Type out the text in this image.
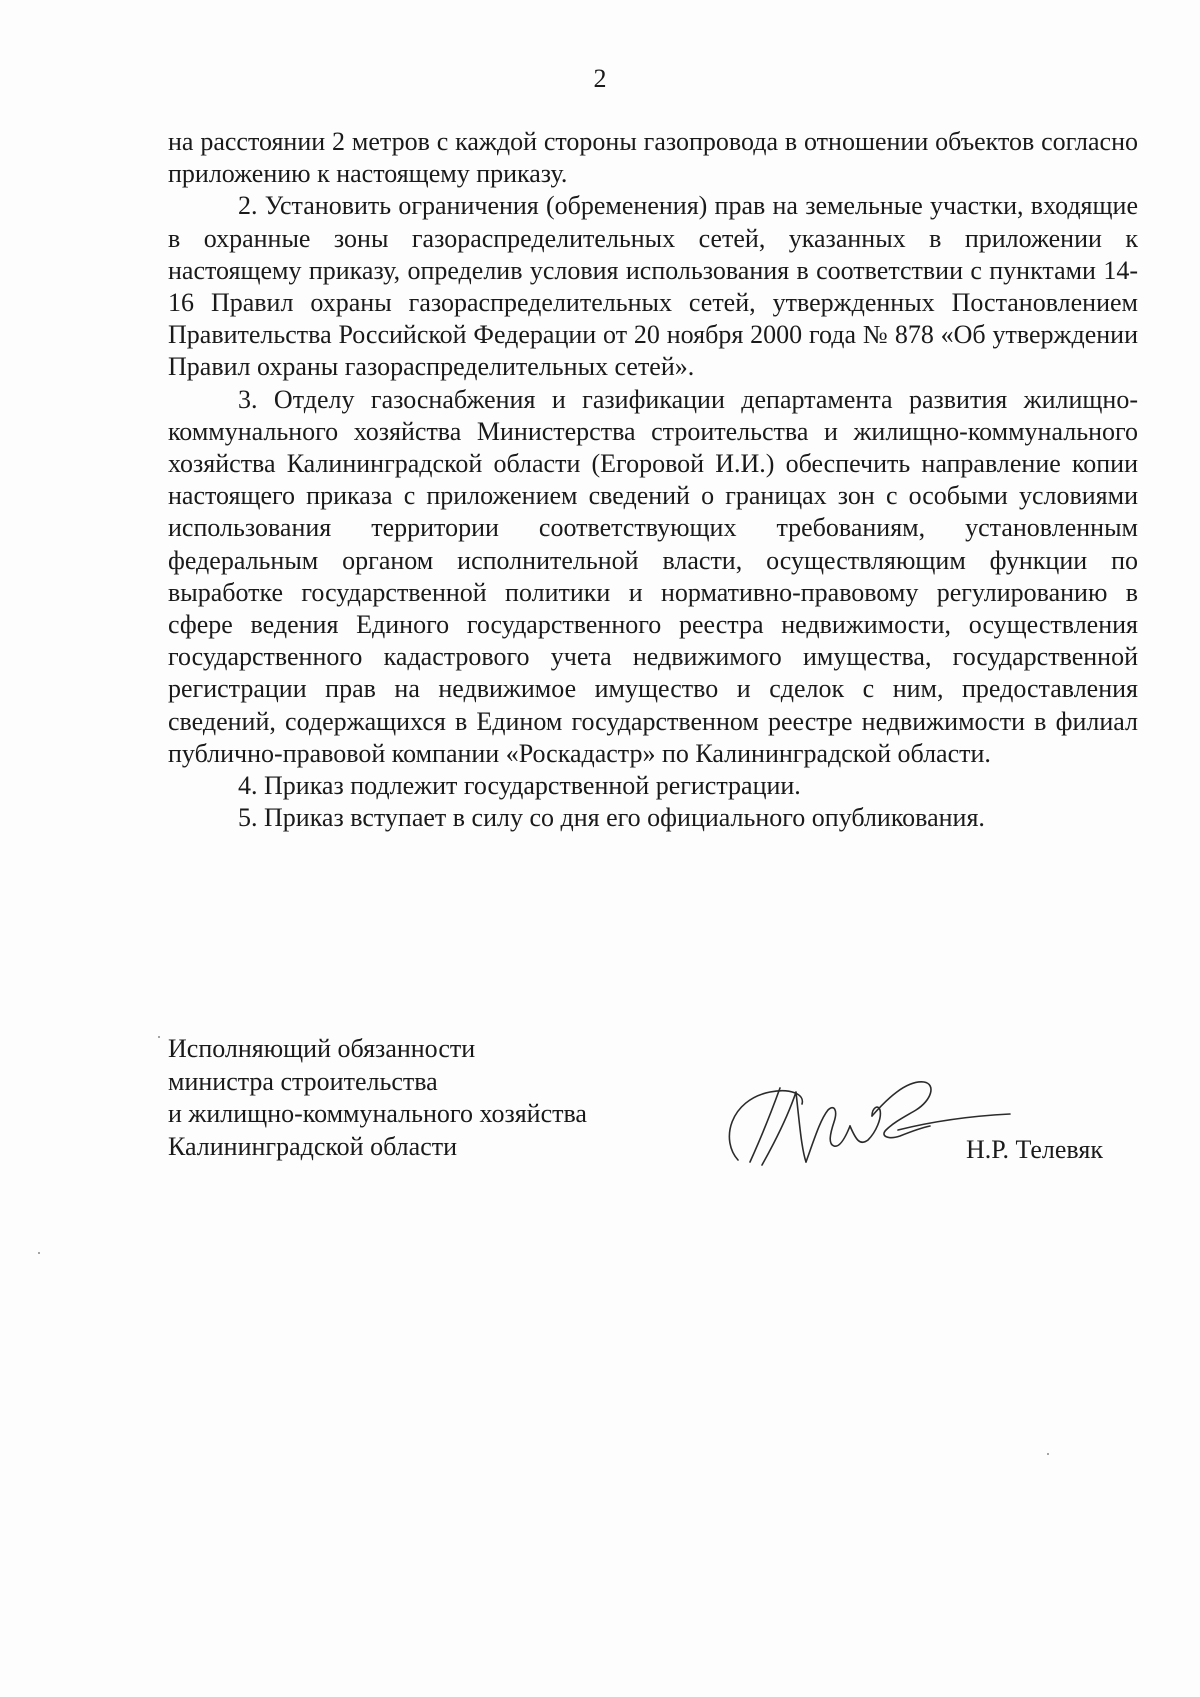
2

на расстоянии 2 метров с каждой стороны газопровода в отношении объектов согласно приложению к настоящему приказу.

2. Установить ограничения (обременения) прав на земельные участки, входящие в охранные зоны газораспределительных сетей, указанных в приложении к настоящему приказу, определив условия использования в соответствии с пунктами 14-16 Правил охраны газораспределительных сетей, утвержденных Постановлением Правительства Российской Федерации от 20 ноября 2000 года № 878 «Об утверждении Правил охраны газораспределительных сетей».

3. Отделу газоснабжения и газификации департамента развития жилищно-коммунального хозяйства Министерства строительства и жилищно-коммунального хозяйства Калининградской области (Егоровой И.И.) обеспечить направление копии настоящего приказа с приложением сведений о границах зон с особыми условиями использования территории соответствующих требованиям, установленным федеральным органом исполнительной власти, осуществляющим функции по выработке государственной политики и нормативно-правовому регулированию в сфере ведения Единого государственного реестра недвижимости, осуществления государственного кадастрового учета недвижимого имущества, государственной регистрации прав на недвижимое имущество и сделок с ним, предоставления сведений, содержащихся в Едином государственном реестре недвижимости в филиал публично-правовой компании «Роскадастр» по Калининградской области.

4. Приказ подлежит государственной регистрации.

5. Приказ вступает в силу со дня его официального опубликования.

Исполняющий обязанности
министра строительства
и жилищно-коммунального хозяйства
Калининградской области	Н.Р. Телевяк
